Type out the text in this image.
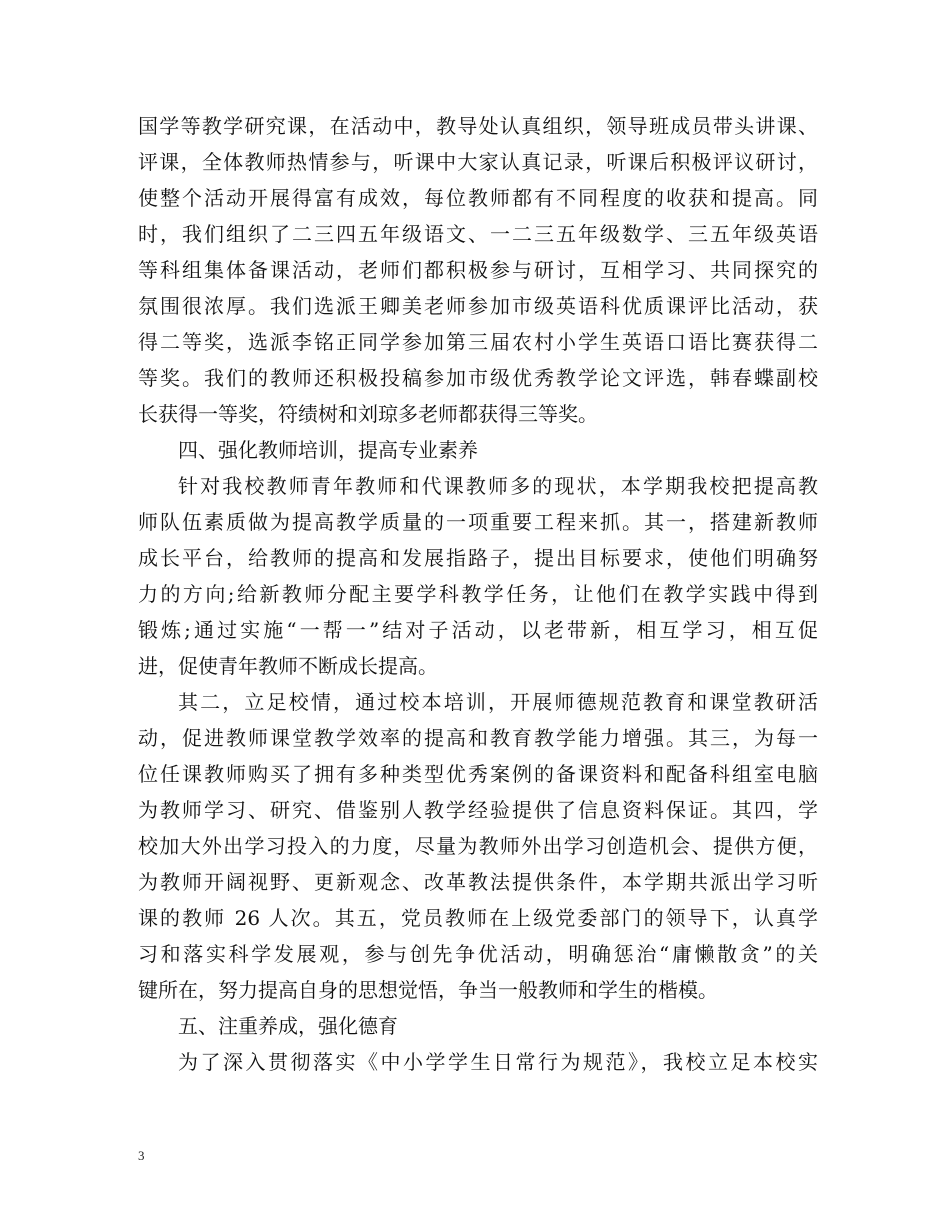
国学等教学研究课，在活动中，教导处认真组织，领导班成员带头讲课、
评课，全体教师热情参与，听课中大家认真记录，听课后积极评议研讨，
使整个活动开展得富有成效，每位教师都有不同程度的收获和提高。同
时，我们组织了二三四五年级语文、一二三五年级数学、三五年级英语
等科组集体备课活动，老师们都积极参与研讨，互相学习、共同探究的
氛围很浓厚。我们选派王卿美老师参加市级英语科优质课评比活动，获
得二等奖，选派李铭正同学参加第三届农村小学生英语口语比赛获得二
等奖。我们的教师还积极投稿参加市级优秀教学论文评选，韩春蝶副校
长获得一等奖，符绩树和刘琼多老师都获得三等奖。
四、强化教师培训，提高专业素养
针对我校教师青年教师和代课教师多的现状，本学期我校把提高教
师队伍素质做为提高教学质量的一项重要工程来抓。其一，搭建新教师
成长平台，给教师的提高和发展指路子，提出目标要求，使他们明确努
力的方向;给新教师分配主要学科教学任务，让他们在教学实践中得到
锻炼;通过实施“一帮一”结对子活动，以老带新，相互学习，相互促
进，促使青年教师不断成长提高。
其二，立足校情，通过校本培训，开展师德规范教育和课堂教研活
动，促进教师课堂教学效率的提高和教育教学能力增强。其三，为每一
位任课教师购买了拥有多种类型优秀案例的备课资料和配备科组室电脑
为教师学习、研究、借鉴别人教学经验提供了信息资料保证。其四，学
校加大外出学习投入的力度，尽量为教师外出学习创造机会、提供方便，
为教师开阔视野、更新观念、改革教法提供条件，本学期共派出学习听
课的教师 26 人次。其五，党员教师在上级党委部门的领导下，认真学
习和落实科学发展观，参与创先争优活动，明确惩治“庸懒散贪”的关
键所在，努力提高自身的思想觉悟，争当一般教师和学生的楷模。
五、注重养成，强化德育
为了深入贯彻落实《中小学学生日常行为规范》，我校立足本校实
3
